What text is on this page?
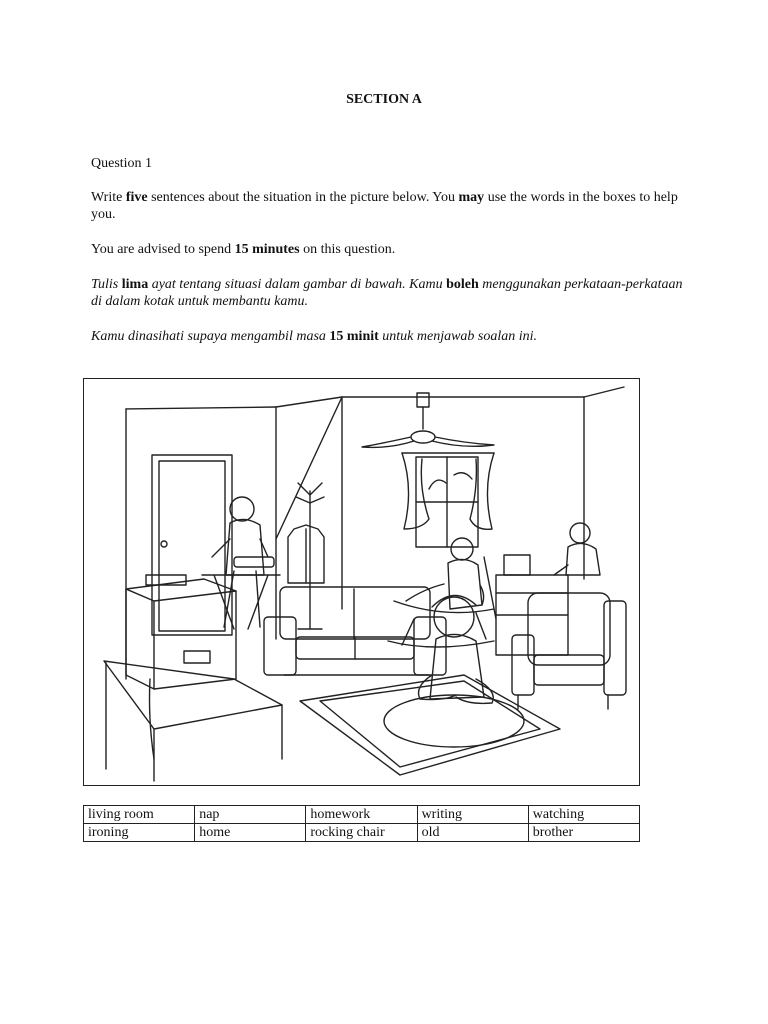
SECTION A

Question 1

Write five sentences about the situation in the picture below. You may use the words in the boxes to help you.

You are advised to spend 15 minutes on this question.

Tulis lima ayat tentang situasi dalam gambar di bawah. Kamu boleh menggunakan perkataan-perkataan di dalam kotak untuk membantu kamu.

Kamu dinasihati supaya mengambil masa 15 minit untuk menjawab soalan ini.

living room	nap	homework	writing	watching
ironing	home	rocking chair	old	brother
